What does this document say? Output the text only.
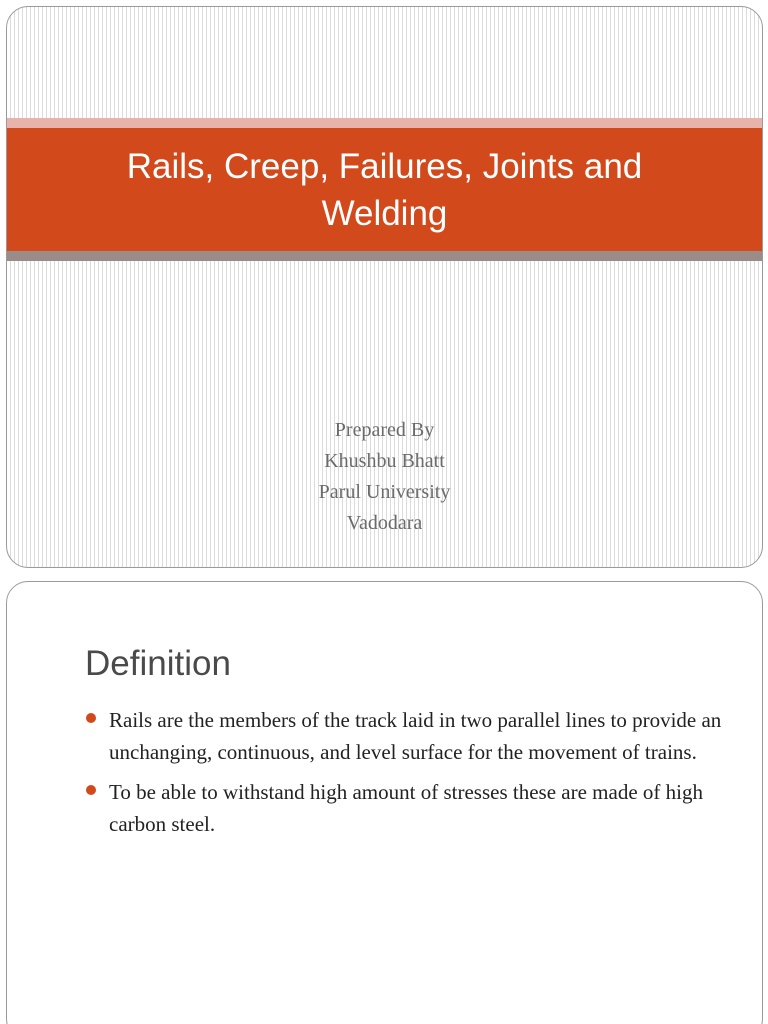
Rails, Creep, Failures, Joints and Welding
Prepared By
Khushbu Bhatt
Parul University
Vadodara
Definition
Rails are the members of the track laid in two parallel lines to provide an unchanging, continuous, and level surface for the movement of trains.
To be able to withstand high amount of stresses these are made of high carbon steel.
